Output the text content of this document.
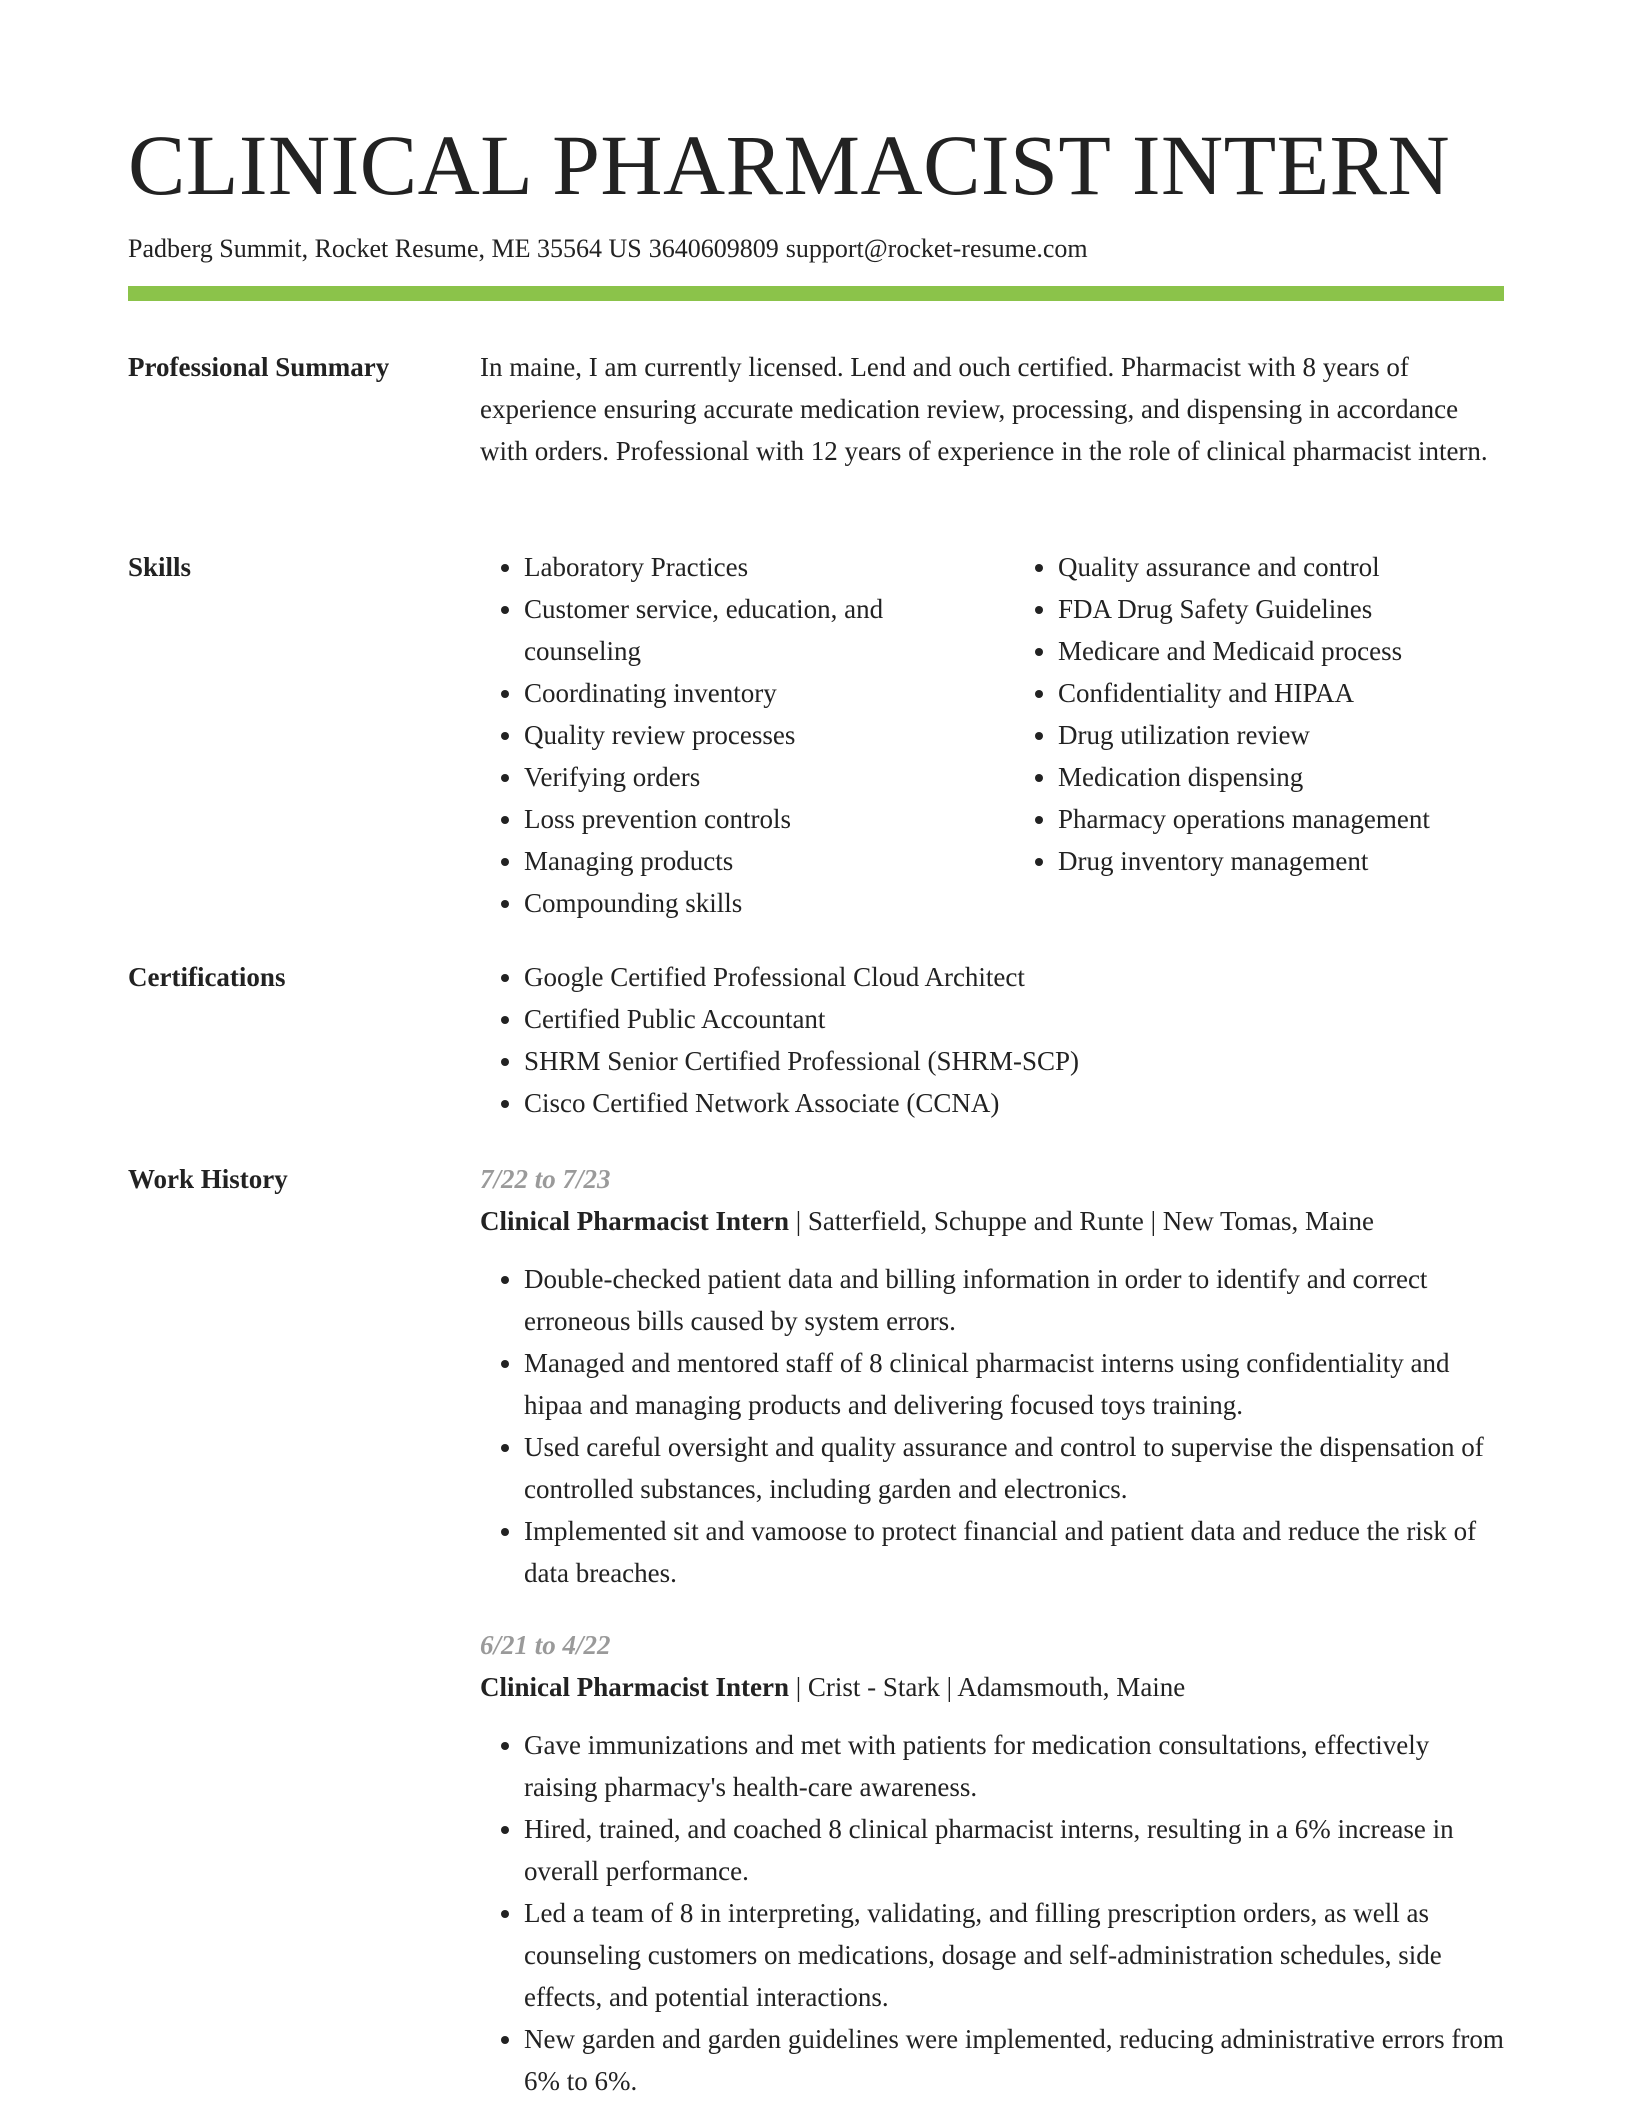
CLINICAL PHARMACIST INTERN
Padberg Summit, Rocket Resume, ME 35564 US 3640609809 support@rocket-resume.com
Professional Summary	In maine, I am currently licensed. Lend and ouch certified. Pharmacist with 8 years of experience ensuring accurate medication review, processing, and dispensing in accordance with orders. Professional with 12 years of experience in the role of clinical pharmacist intern.

Skills	• Laboratory Practices
• Customer service, education, and counseling
• Coordinating inventory
• Quality review processes
• Verifying orders
• Loss prevention controls
• Managing products
• Compounding skills
• Quality assurance and control
• FDA Drug Safety Guidelines
• Medicare and Medicaid process
• Confidentiality and HIPAA
• Drug utilization review
• Medication dispensing
• Pharmacy operations management
• Drug inventory management
Certifications	• Google Certified Professional Cloud Architect
• Certified Public Accountant
• SHRM Senior Certified Professional (SHRM-SCP)
• Cisco Certified Network Associate (CCNA)
Work History	7/22 to 7/23
Clinical Pharmacist Intern | Satterfield, Schuppe and Runte | New Tomas, Maine
• Double-checked patient data and billing information in order to identify and correct erroneous bills caused by system errors.
• Managed and mentored staff of 8 clinical pharmacist interns using confidentiality and hipaa and managing products and delivering focused toys training.
• Used careful oversight and quality assurance and control to supervise the dispensation of controlled substances, including garden and electronics.
• Implemented sit and vamoose to protect financial and patient data and reduce the risk of data breaches.
6/21 to 4/22
Clinical Pharmacist Intern | Crist - Stark | Adamsmouth, Maine
• Gave immunizations and met with patients for medication consultations, effectively raising pharmacy's health-care awareness.
• Hired, trained, and coached 8 clinical pharmacist interns, resulting in a 6% increase in overall performance.
• Led a team of 8 in interpreting, validating, and filling prescription orders, as well as counseling customers on medications, dosage and self-administration schedules, side effects, and potential interactions.
• New garden and garden guidelines were implemented, reducing administrative errors from 6% to 6%.
